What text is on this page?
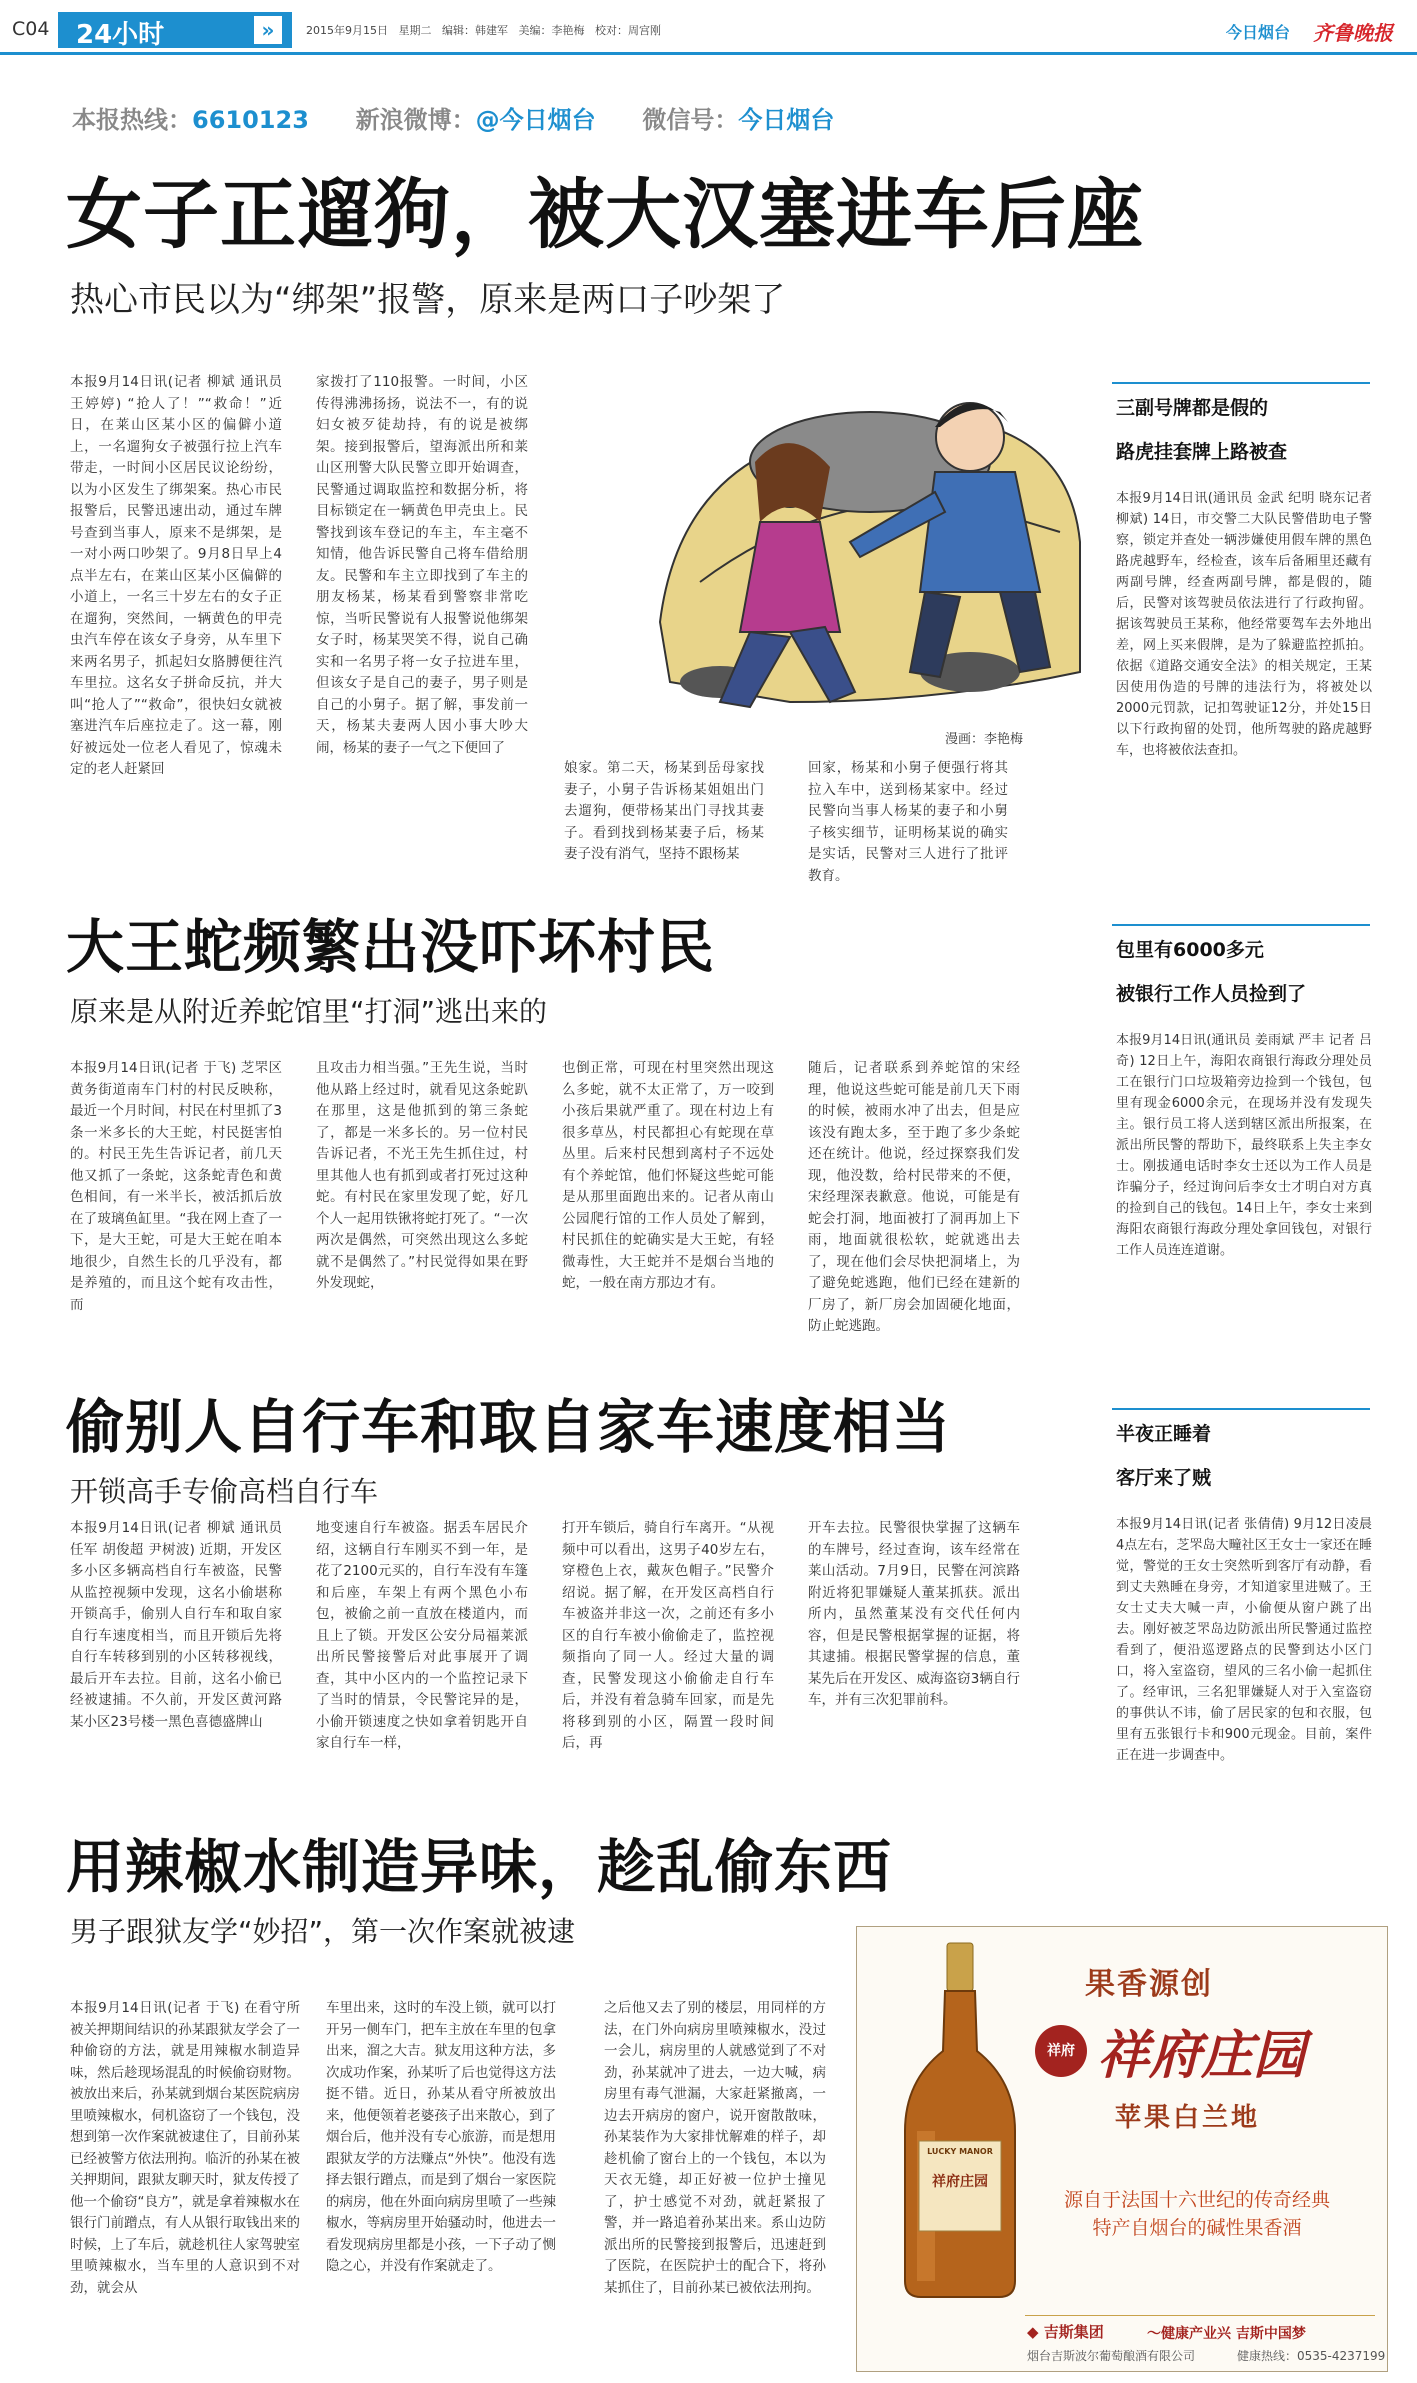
C04 24小时	»	2015年9月15日 星期二 编辑：韩建军 美编：李艳梅 校对：周宫刚	今日烟台 齐鲁晚报
本报热线：6610123 新浪微博：@今日烟台 微信号：今日烟台
女子正遛狗，被大汉塞进车后座
热心市民以为“绑架”报警，原来是两口子吵架了
本报9月14日讯(记者 柳斌 通讯员 王婷婷) “抢人了！”“救命！”近日，在莱山区某小区的偏僻小道上，一名遛狗女子被强行拉上汽车带走，一时间小区居民议论纷纷，以为小区发生了绑架案。热心市民报警后，民警迅速出动，通过车牌号查到当事人，原来不是绑架，是一对小两口吵架了。9月8日早上4点半左右，在莱山区某小区偏僻的小道上，一名三十岁左右的女子正在遛狗，突然间，一辆黄色的甲壳虫汽车停在该女子身旁，从车里下来两名男子，抓起妇女胳膊便往汽车里拉。这名女子拼命反抗，并大叫“抢人了”“救命”，很快妇女就被塞进汽车后座拉走了。这一幕，刚好被远处一位老人看见了，惊魂未定的老人赶紧回
家拨打了110报警。一时间，小区传得沸沸扬扬，说法不一，有的说妇女被歹徒劫持，有的说是被绑架。接到报警后，望海派出所和莱山区刑警大队民警立即开始调查，民警通过调取监控和数据分析，将目标锁定在一辆黄色甲壳虫上。民警找到该车登记的车主，车主毫不知情，他告诉民警自己将车借给朋友。民警和车主立即找到了车主的朋友杨某，杨某看到警察非常吃惊，当听民警说有人报警说他绑架女子时，杨某哭笑不得，说自己确实和一名男子将一女子拉进车里，但该女子是自己的妻子，男子则是自己的小舅子。据了解，事发前一天，杨某夫妻两人因小事大吵大闹，杨某的妻子一气之下便回了	漫画：李艳梅
娘家。第二天，杨某到岳母家找妻子，小舅子告诉杨某姐姐出门去遛狗，便带杨某出门寻找其妻子。看到找到杨某妻子后，杨某妻子没有消气，坚持不跟杨某
回家，杨某和小舅子便强行将其拉入车中，送到杨某家中。经过民警向当事人杨某的妻子和小舅子核实细节，证明杨某说的确实是实话，民警对三人进行了批评教育。
大王蛇频繁出没吓坏村民
原来是从附近养蛇馆里“打洞”逃出来的
本报9月14日讯(记者 于飞) 芝罘区黄务街道南车门村的村民反映称，最近一个月时间，村民在村里抓了3条一米多长的大王蛇，村民挺害怕的。村民王先生告诉记者，前几天他又抓了一条蛇，这条蛇青色和黄色相间，有一米半长，被活抓后放在了玻璃鱼缸里。“我在网上查了一下，是大王蛇，可是大王蛇在咱本地很少，自然生长的几乎没有，都是养殖的，而且这个蛇有攻击性，而
且攻击力相当强。”王先生说，当时他从路上经过时，就看见这条蛇趴在那里，这是他抓到的第三条蛇了，都是一米多长的。另一位村民告诉记者，不光王先生抓住过，村里其他人也有抓到或者打死过这种蛇。有村民在家里发现了蛇，好几个人一起用铁锹将蛇打死了。“一次两次是偶然，可突然出现这么多蛇就不是偶然了。”村民觉得如果在野外发现蛇，
也倒正常，可现在村里突然出现这么多蛇，就不太正常了，万一咬到小孩后果就严重了。现在村边上有很多草丛，村民都担心有蛇现在草丛里。后来村民想到离村子不远处有个养蛇馆，他们怀疑这些蛇可能是从那里面跑出来的。记者从南山公园爬行馆的工作人员处了解到，村民抓住的蛇确实是大王蛇，有轻微毒性，大王蛇并不是烟台当地的蛇，一般在南方那边才有。
随后，记者联系到养蛇馆的宋经理，他说这些蛇可能是前几天下雨的时候，被雨水冲了出去，但是应该没有跑太多，至于跑了多少条蛇还在统计。他说，经过探察我们发现，他没数，给村民带来的不便，宋经理深表歉意。他说，可能是有蛇会打洞，地面被打了洞再加上下雨，地面就很松软，蛇就逃出去了，现在他们会尽快把洞堵上，为了避免蛇逃跑，他们已经在建新的厂房了，新厂房会加固硬化地面，防止蛇逃跑。
偷别人自行车和取自家车速度相当
开锁高手专偷高档自行车
本报9月14日讯(记者 柳斌 通讯员 任军 胡俊超 尹树波) 近期，开发区多小区多辆高档自行车被盗，民警从监控视频中发现，这名小偷堪称开锁高手，偷别人自行车和取自家自行车速度相当，而且开锁后先将自行车转移到别的小区转移视线，最后开车去拉。目前，这名小偷已经被逮捕。不久前，开发区黄河路某小区23号楼一黑色喜德盛牌山
地变速自行车被盗。据丢车居民介绍，这辆自行车刚买不到一年，是花了2100元买的，自行车没有车篷和后座，车架上有两个黑色小布包，被偷之前一直放在楼道内，而且上了锁。开发区公安分局福莱派出所民警接警后对此事展开了调查，其中小区内的一个监控记录下了当时的情景，令民警诧异的是，小偷开锁速度之快如拿着钥匙开自家自行车一样，
打开车锁后，骑自行车离开。“从视频中可以看出，这男子40岁左右，穿橙色上衣，戴灰色帽子。”民警介绍说。据了解，在开发区高档自行车被盗并非这一次，之前还有多小区的自行车被小偷偷走了，监控视频指向了同一人。经过大量的调查，民警发现这小偷偷走自行车后，并没有着急骑车回家，而是先将移到别的小区，隔置一段时间后，再
开车去拉。民警很快掌握了这辆车的车牌号，经过查询，该车经常在莱山活动。7月9日，民警在河滨路附近将犯罪嫌疑人董某抓获。派出所内，虽然董某没有交代任何内容，但是民警根据掌握的证据，将其逮捕。根据民警掌握的信息，董某先后在开发区、威海盗窃3辆自行车，并有三次犯罪前科。
用辣椒水制造异味，趁乱偷东西
男子跟狱友学“妙招”，第一次作案就被逮
本报9月14日讯(记者 于飞) 在看守所被关押期间结识的孙某跟狱友学会了一种偷窃的方法，就是用辣椒水制造异味，然后趁现场混乱的时候偷窃财物。被放出来后，孙某就到烟台某医院病房里喷辣椒水，伺机盗窃了一个钱包，没想到第一次作案就被逮住了，目前孙某已经被警方依法刑拘。临沂的孙某在被关押期间，跟狱友聊天时，狱友传授了他一个偷窃“良方”，就是拿着辣椒水在银行门前蹭点，有人从银行取钱出来的时候，上了车后，就趁机往人家驾驶室里喷辣椒水，当车里的人意识到不对劲，就会从
车里出来，这时的车没上锁，就可以打开另一侧车门，把车主放在车里的包拿出来，溜之大吉。狱友用这种方法，多次成功作案，孙某听了后也觉得这方法挺不错。近日，孙某从看守所被放出来，他便领着老婆孩子出来散心，到了烟台后，他并没有专心旅游，而是想用跟狱友学的方法赚点“外快”。他没有选择去银行蹭点，而是到了烟台一家医院的病房，他在外面向病房里喷了一些辣椒水，等病房里开始骚动时，他进去一看发现病房里都是小孩，一下子动了恻隐之心，并没有作案就走了。
之后他又去了别的楼层，用同样的方法，在门外向病房里喷辣椒水，没过一会儿，病房里的人就感觉到了不对劲，孙某就冲了进去，一边大喊，病房里有毒气泄漏，大家赶紧撤离，一边去开病房的窗户，说开窗散散味，孙某装作为大家排忧解难的样子，却趁机偷了窗台上的一个钱包，本以为天衣无缝，却正好被一位护士撞见了，护士感觉不对劲，就赶紧报了警，并一路追着孙某出来。系山边防派出所的民警接到报警后，迅速赶到了医院，在医院护士的配合下，将孙某抓住了，目前孙某已被依法刑拘。
三副号牌都是假的
路虎挂套牌上路被查
本报9月14日讯(通讯员 金武 纪明 晓东记者 柳斌) 14日，市交警二大队民警借助电子警察，锁定并查处一辆涉嫌使用假车牌的黑色路虎越野车，经检查，该车后备厢里还藏有两副号牌，经查两副号牌，都是假的，随后，民警对该驾驶员依法进行了行政拘留。据该驾驶员王某称，他经常要驾车去外地出差，网上买来假牌，是为了躲避监控抓拍。依据《道路交通安全法》的相关规定，王某因使用伪造的号牌的违法行为，将被处以2000元罚款，记扣驾驶证12分，并处15日以下行政拘留的处罚，他所驾驶的路虎越野车，也将被依法查扣。
包里有6000多元
被银行工作人员捡到了
本报9月14日讯(通讯员 姜雨斌 严丰 记者 吕奇) 12日上午，海阳农商银行海政分理处员工在银行门口垃圾箱旁边捡到一个钱包，包里有现金6000余元，在现场并没有发现失主。银行员工将人送到辖区派出所报案，在派出所民警的帮助下，最终联系上失主李女士。刚拔通电话时李女士还以为工作人员是诈骗分子，经过询问后李女士才明白对方真的捡到自己的钱包。14日上午，李女士来到海阳农商银行海政分理处拿回钱包，对银行工作人员连连道谢。
半夜正睡着
客厅来了贼
本报9月14日讯(记者 张倩倩) 9月12日凌晨4点左右，芝罘岛大疃社区王女士一家还在睡觉，警觉的王女士突然听到客厅有动静，看到丈夫熟睡在身旁，才知道家里进贼了。王女士丈夫大喊一声，小偷便从窗户跳了出去。刚好被芝罘岛边防派出所民警通过监控看到了，便沿巡逻路点的民警到达小区门口，将入室盗窃，望风的三名小偷一起抓住了。经审讯，三名犯罪嫌疑人对于入室盗窃的事供认不讳，偷了居民家的包和衣服，包里有五张银行卡和900元现金。目前，案件正在进一步调查中。
LUCKY MANOR
祥府庄园
果香源创
祥府 祥府庄园
苹果白兰地
源自于法国十六世纪的传奇经典
特产自烟台的碱性果香酒
◆ 吉斯集团	～健康产业兴 吉斯中国梦
烟台吉斯波尔葡萄酿酒有限公司	健康热线：0535-4237199
